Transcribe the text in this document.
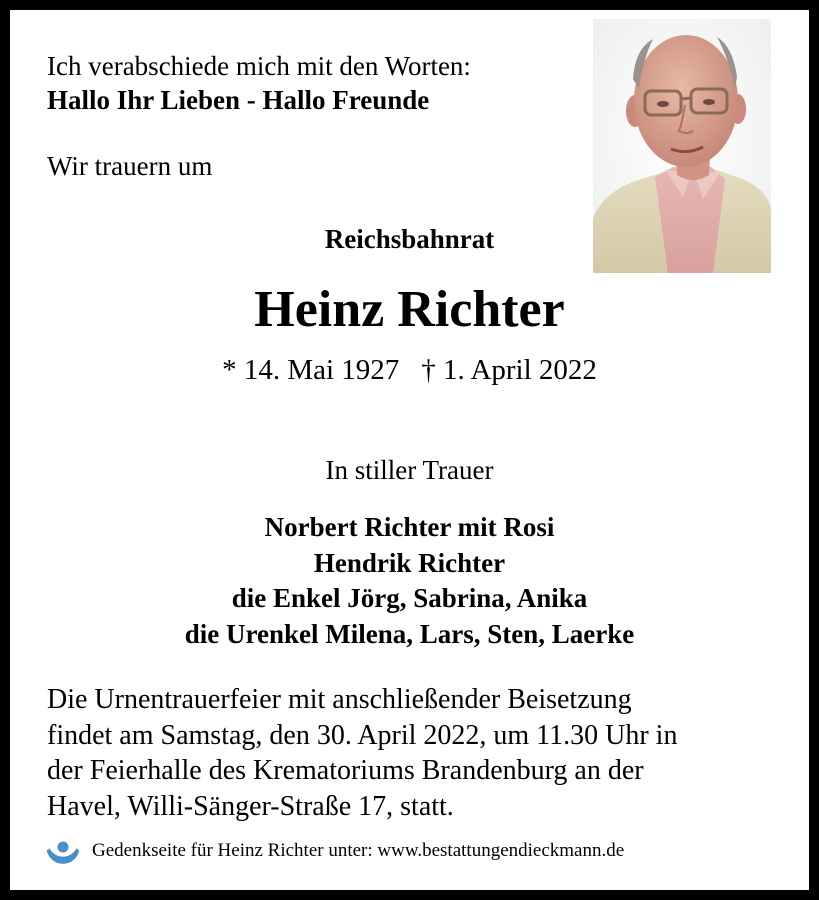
Ich verabschiede mich mit den Worten:
Hallo Ihr Lieben - Hallo Freunde
Wir trauern um
Reichsbahnrat
Heinz Richter
* 14. Mai 1927 † 1. April 2022
In stiller Trauer
Norbert Richter mit Rosi
Hendrik Richter
die Enkel Jörg, Sabrina, Anika
die Urenkel Milena, Lars, Sten, Laerke
Die Urnentrauerfeier mit anschließender Beisetzung
findet am Samstag, den 30. April 2022, um 11.30 Uhr in
der Feierhalle des Krematoriums Brandenburg an der
Havel, Willi-Sänger-Straße 17, statt.
Gedenkseite für Heinz Richter unter: www.bestattungendieckmann.de
